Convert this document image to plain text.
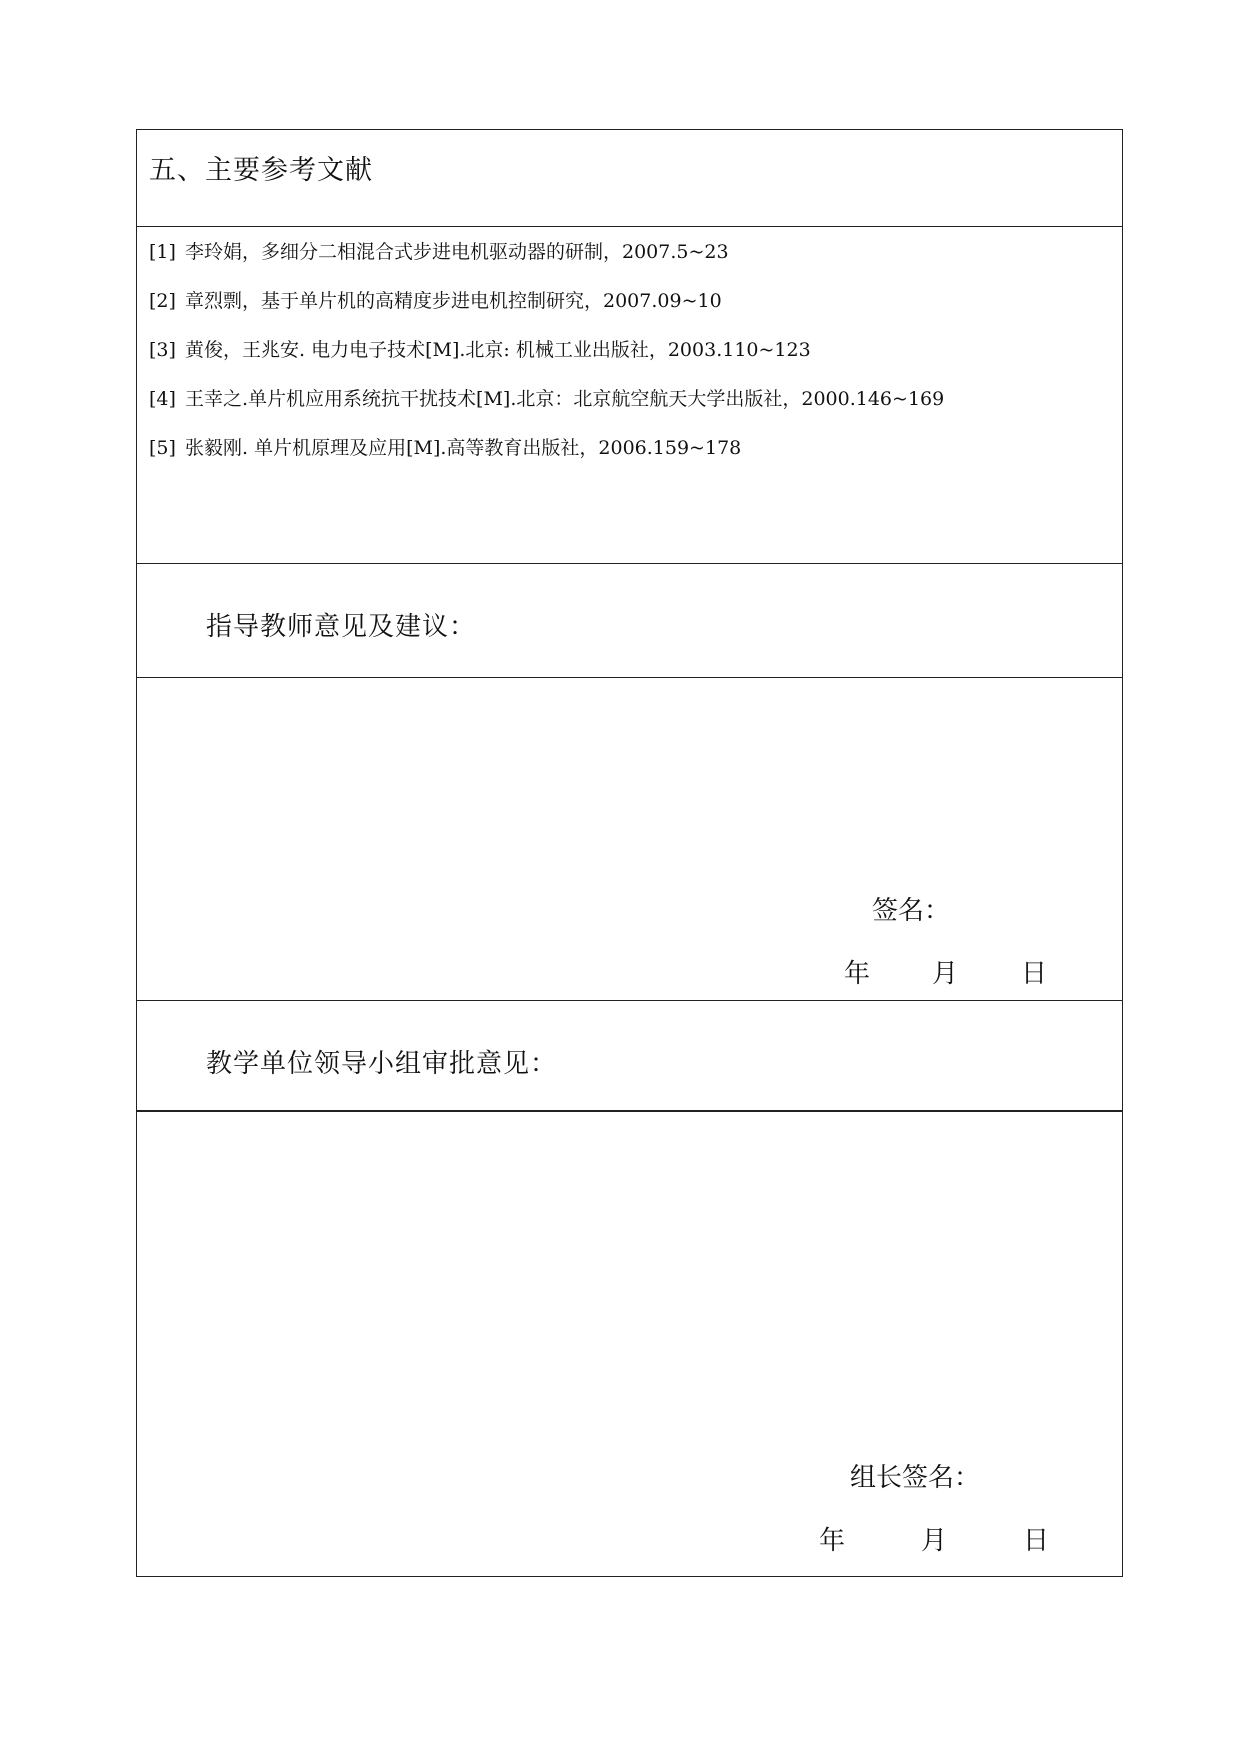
五、主要参考文献
[1] 李玲娟，多细分二相混合式步进电机驱动器的研制，2007.5~23
[2] 章烈剽，基于单片机的高精度步进电机控制研究，2007.09~10
[3] 黄俊，王兆安. 电力电子技术[M].北京: 机械工业出版社，2003.110~123
[4] 王幸之.单片机应用系统抗干扰技术[M].北京：北京航空航天大学出版社，2000.146~169
[5] 张毅刚. 单片机原理及应用[M].高等教育出版社，2006.159~178
指导教师意见及建议：
签名：
年 月 日
教学单位领导小组审批意见：
组长签名：
年	月	日
